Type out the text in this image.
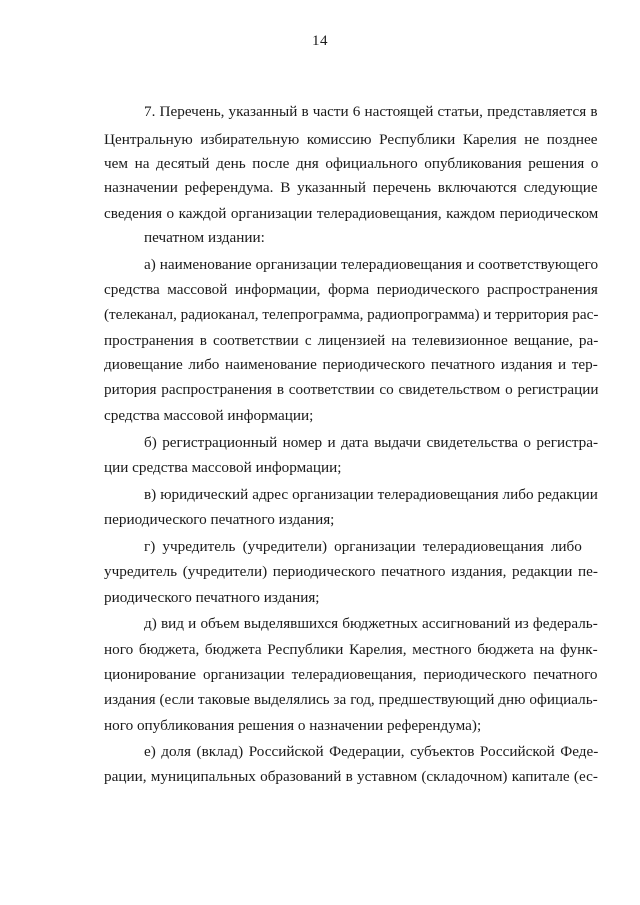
14
7. Перечень, указанный в части 6 настоящей статьи, представляется в
Центральную избирательную комиссию Республики Карелия не позднее
чем на десятый день после дня официального опубликования решения о
назначении референдума. В указанный перечень включаются следующие
сведения о каждой организации телерадиовещания, каждом периодическом
печатном издании:
а) наименование организации телерадиовещания и соответствующего
средства массовой информации, форма периодического распространения
(телеканал, радиоканал, телепрограмма, радиопрограмма) и территория рас-
пространения в соответствии с лицензией на телевизионное вещание, ра-
диовещание либо наименование периодического печатного издания и тер-
ритория распространения в соответствии со свидетельством о регистрации
средства массовой информации;
б) регистрационный номер и дата выдачи свидетельства о регистра-
ции средства массовой информации;
в) юридический адрес организации телерадиовещания либо редакции
периодического печатного издания;
г) учредитель (учредители) организации телерадиовещания либо
учредитель (учредители) периодического печатного издания, редакции пе-
риодического печатного издания;
д) вид и объем выделявшихся бюджетных ассигнований из федераль-
ного бюджета, бюджета Республики Карелия, местного бюджета на функ-
ционирование организации телерадиовещания, периодического печатного
издания (если таковые выделялись за год, предшествующий дню официаль-
ного опубликования решения о назначении референдума);
е) доля (вклад) Российской Федерации, субъектов Российской Феде-
рации, муниципальных образований в уставном (складочном) капитале (ес-
